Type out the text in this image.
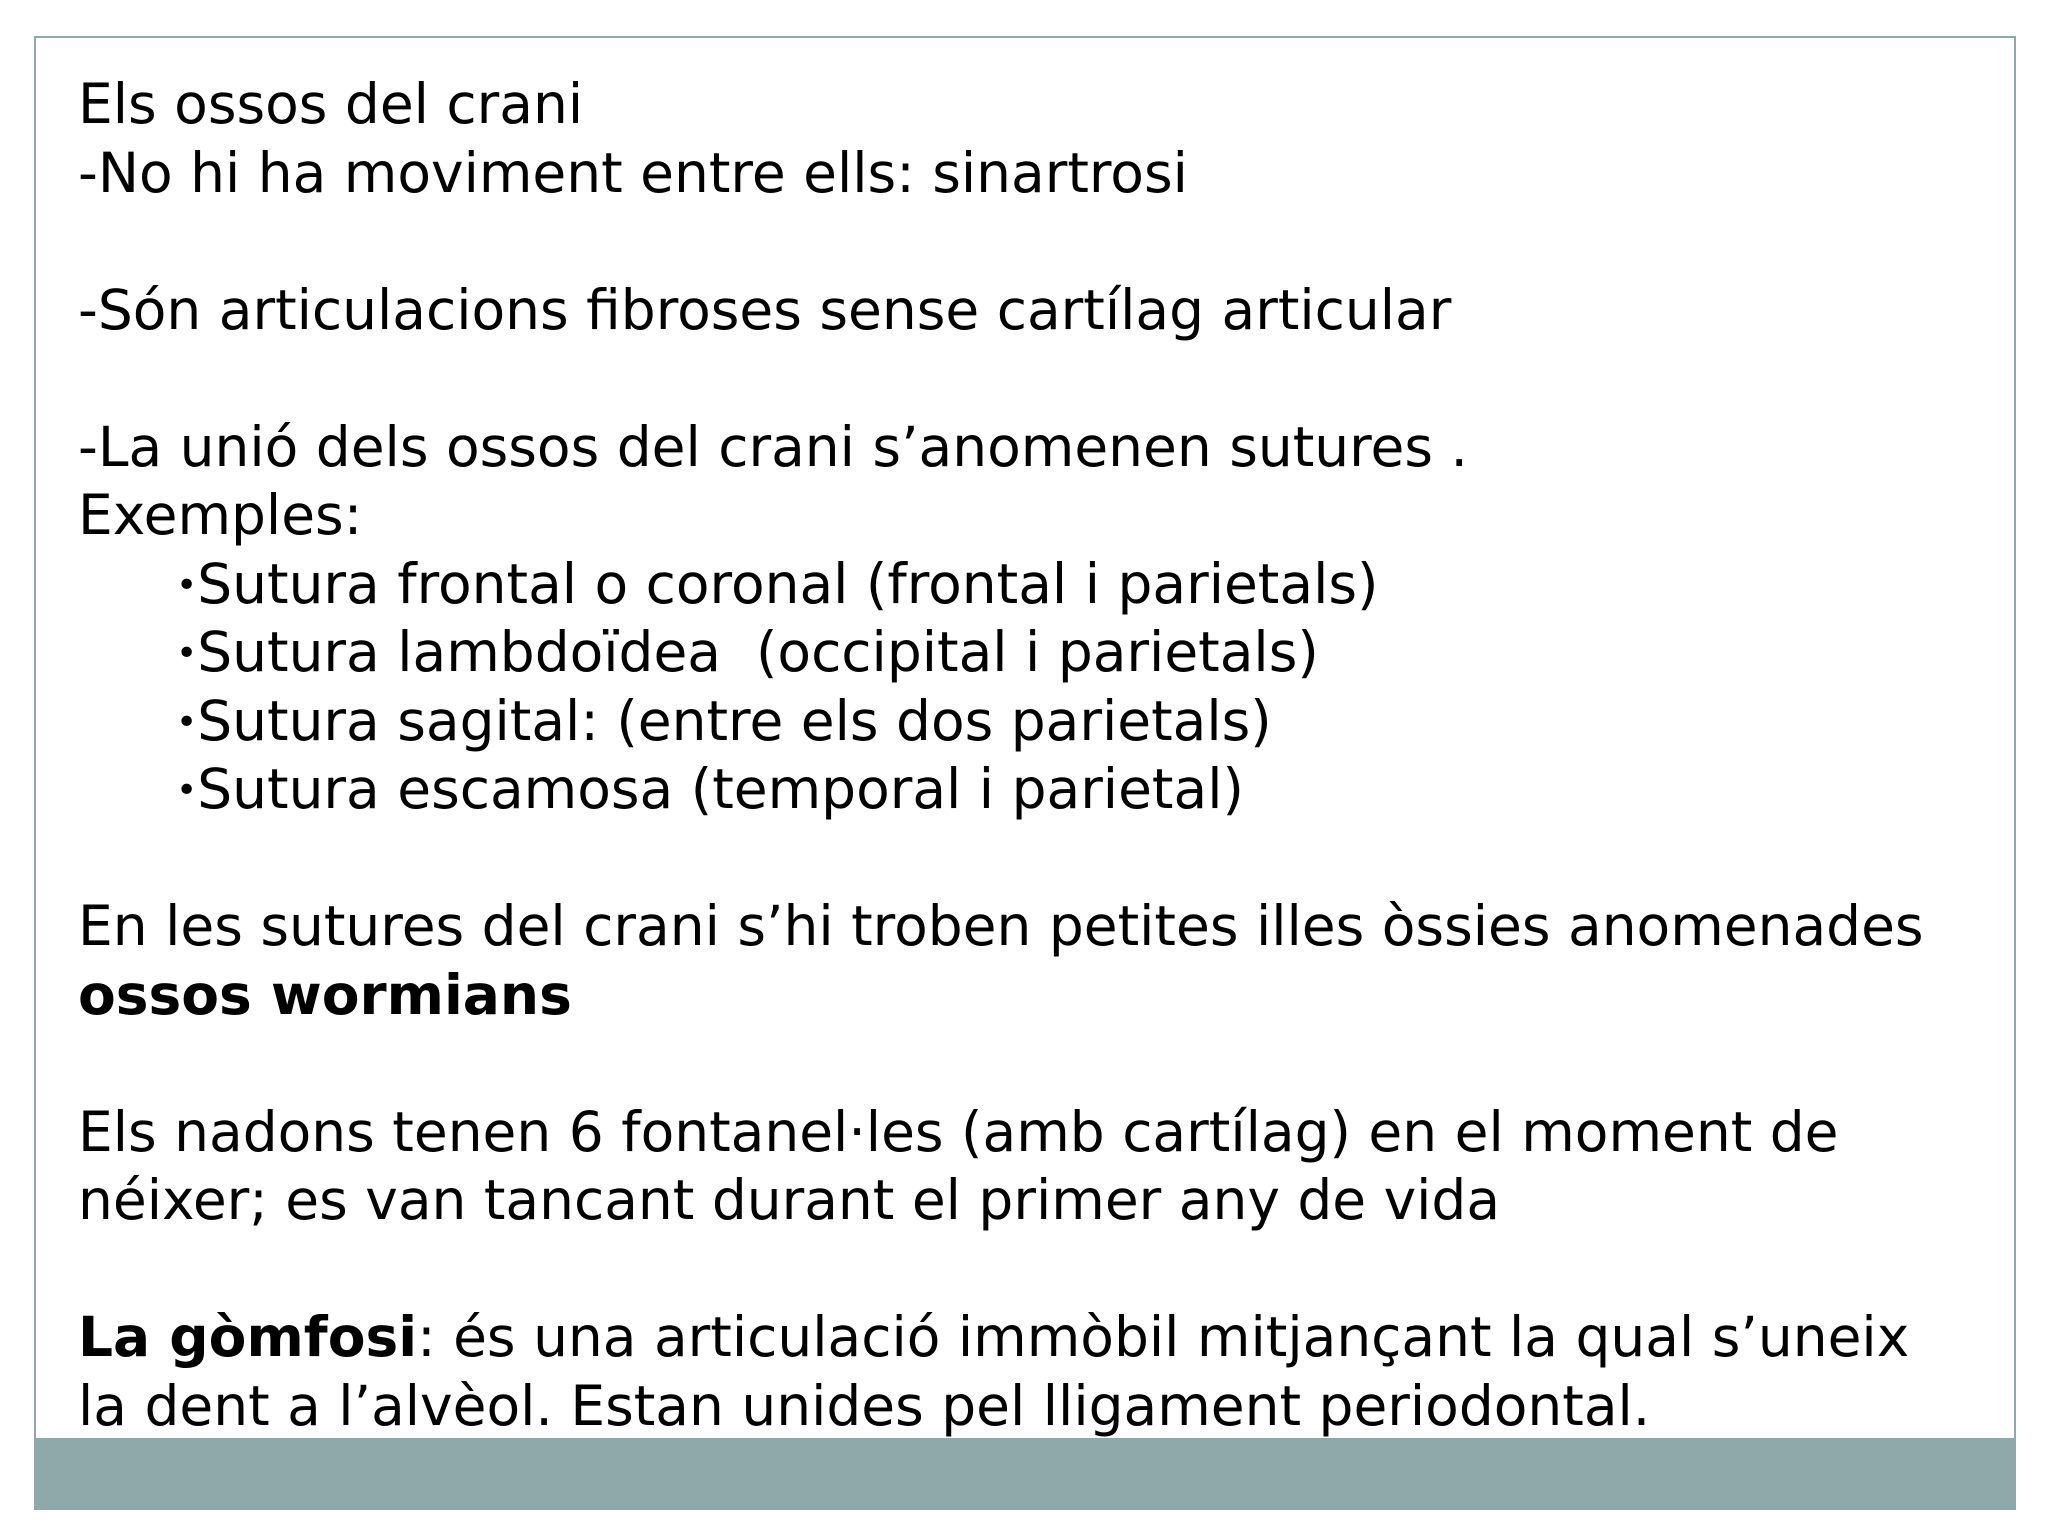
Els ossos del crani
-No hi ha moviment entre ells: sinartrosi
-Són articulacions fibroses sense cartílag articular
-La unió dels ossos del crani s’anomenen sutures .
Exemples:
•Sutura frontal o coronal (frontal i parietals)
•Sutura lambdoïdea  (occipital i parietals)
•Sutura sagital: (entre els dos parietals)
•Sutura escamosa (temporal i parietal)
En les sutures del crani s’hi troben petites illes òssies anomenades
ossos wormians
Els nadons tenen 6 fontanel·les (amb cartílag) en el moment de
néixer; es van tancant durant el primer any de vida
La gòmfosi: és una articulació immòbil mitjançant la qual s’uneix
la dent a l’alvèol. Estan unides pel lligament periodontal.
